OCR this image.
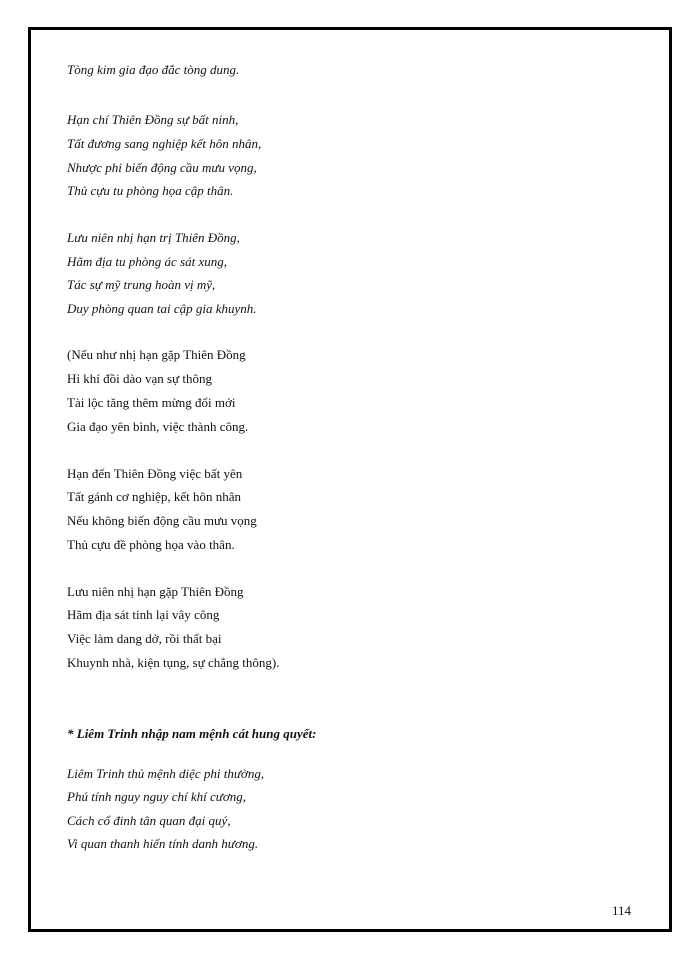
Tòng kim gia đạo đắc tòng dung.
Hạn chí Thiên Đồng sự bất ninh,
Tất đương sang nghiệp kết hôn nhân,
Nhược phi biến động cầu mưu vọng,
Thủ cựu tu phòng họa cập thân.
Lưu niên nhị hạn trị Thiên Đồng,
Hãm địa tu phòng ác sát xung,
Tác sự mỹ trung hoàn vị mỹ,
Duy phòng quan tai cập gia khuynh.
(Nếu như nhị hạn gặp Thiên Đồng
Hỉ khí đồi dào vạn sự thông
Tài lộc tăng thêm mừng đổi mới
Gia đạo yên bình, việc thành công.
Hạn đến Thiên Đồng việc bất yên
Tất gánh cơ nghiệp, kết hôn nhân
Nếu không biến động cầu mưu vọng
Thủ cựu đề phòng họa vào thân.
Lưu niên nhị hạn gặp Thiên Đồng
Hãm địa sát tinh lại vây công
Việc làm dang dở, rồi thất bại
Khuynh nhà, kiện tụng, sự chẳng thông).
* Liêm Trinh nhập nam mệnh cát hung quyết:
Liêm Trinh thủ mệnh diệc phi thường,
Phú tính nguy nguy chí khí cương,
Cách cổ đinh tân quan đại quý,
Vi quan thanh hiến tính danh hương.
114
